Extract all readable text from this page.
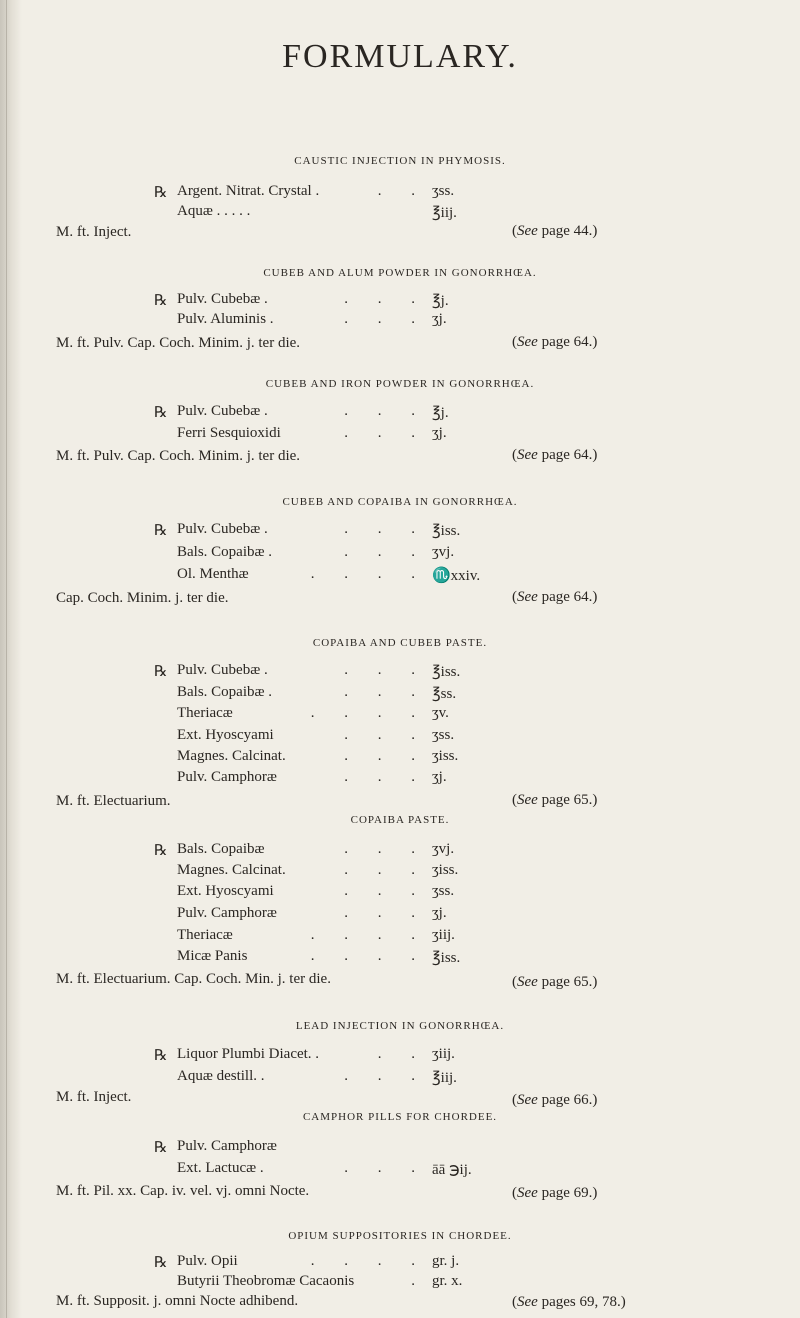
FORMULARY.
CAUSTIC INJECTION IN PHYMOSIS.
℞ Argent. Nitrat. Crystal .	. . ʒss.
Aquæ . . . . .	℥iij.
M. ft. Inject.	(See page 44.)
CUBEB AND ALUM POWDER IN GONORRHŒA.
℞ Pulv. Cubebæ .	. . . ℥j.
Pulv. Aluminis .	. . . ʒj.
M. ft. Pulv. Cap. Coch. Minim. j. ter die.	(See page 64.)
CUBEB AND IRON POWDER IN GONORRHŒA.
℞ Pulv. Cubebæ .	. . . ℥j.
Ferri Sesquioxidi	. . . ʒj.
M. ft. Pulv. Cap. Coch. Minim. j. ter die.	(See page 64.)
CUBEB AND COPAIBA IN GONORRHŒA.
℞ Pulv. Cubebæ .	. . . ℥iss.
Bals. Copaibæ .	. . . ʒvj.
Ol. Menthæ	. . . . ♏xxiv.
Cap. Coch. Minim. j. ter die.	(See page 64.)
COPAIBA AND CUBEB PASTE.
℞ Pulv. Cubebæ .	. . . ℥iss.
Bals. Copaibæ .	. . . ℥ss.
Theriacæ	. . . . ʒv.
Ext. Hyoscyami	. . . ʒss.
Magnes. Calcinat.	. . . ʒiss.
Pulv. Camphoræ	. . . ʒj.
M. ft. Electuarium.	(See page 65.)
COPAIBA PASTE.
℞ Bals. Copaibæ	. . . ʒvj.
Magnes. Calcinat.	. . . ʒiss.
Ext. Hyoscyami	. . . ʒss.
Pulv. Camphoræ	. . . ʒj.
Theriacæ	. . . . ʒiij.
Micæ Panis	. . . . ℥iss.
M. ft. Electuarium. Cap. Coch. Min. j. ter die.	(See page 65.)
LEAD INJECTION IN GONORRHŒA.
℞ Liquor Plumbi Diacet. .	. . ʒiij.
Aquæ destill. .	. . . ℥iij.
M. ft. Inject.	(See page 66.)
CAMPHOR PILLS FOR CHORDEE.
℞ Pulv. Camphoræ
Ext. Lactucæ .	. . . āā ℈ij.
M. ft. Pil. xx. Cap. iv. vel. vj. omni Nocte.	(See page 69.)
OPIUM SUPPOSITORIES IN CHORDEE.
℞ Pulv. Opii	. . . . gr. j.
Butyrii Theobromæ Cacaonis	. gr. x.
M. ft. Supposit. j. omni Nocte adhibend.	(See pages 69, 78.)
